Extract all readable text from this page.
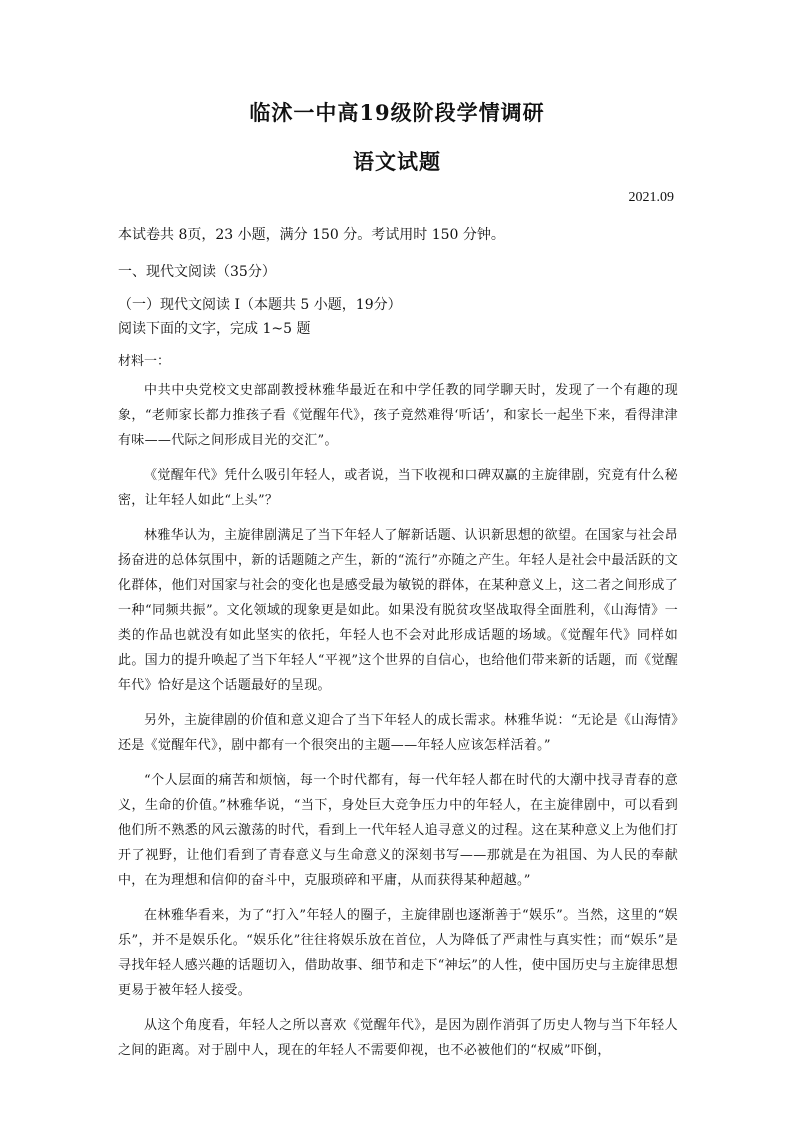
临沭一中高19级阶段学情调研
语文试题
2021.09
本试卷共 8页，23 小题，满分 150 分。考试用时 150 分钟。
一、现代文阅读（35分）
（一）现代文阅读 I（本题共 5 小题，19分）
阅读下面的文字，完成 1~5 题
材料一：

中共中央党校文史部副教授林雅华最近在和中学任教的同学聊天时，发现了一个有趣的现象，“老师家长都力推孩子看《觉醒年代》，孩子竟然难得‘听话’，和家长一起坐下来，看得津津有味——代际之间形成目光的交汇”。

《觉醒年代》凭什么吸引年轻人，或者说，当下收视和口碑双赢的主旋律剧，究竟有什么秘密，让年轻人如此“上头”？

林雅华认为，主旋律剧满足了当下年轻人了解新话题、认识新思想的欲望。在国家与社会昂扬奋进的总体氛围中，新的话题随之产生，新的“流行”亦随之产生。年轻人是社会中最活跃的文化群体，他们对国家与社会的变化也是感受最为敏锐的群体，在某种意义上，这二者之间形成了一种“同频共振”。文化领域的现象更是如此。如果没有脱贫攻坚战取得全面胜利，《山海情》一类的作品也就没有如此坚实的依托，年轻人也不会对此形成话题的场域。《觉醒年代》同样如此。国力的提升唤起了当下年轻人“平视”这个世界的自信心，也给他们带来新的话题，而《觉醒年代》恰好是这个话题最好的呈现。

另外，主旋律剧的价值和意义迎合了当下年轻人的成长需求。林雅华说：“无论是《山海情》还是《觉醒年代》，剧中都有一个很突出的主题——年轻人应该怎样活着。”

“个人层面的痛苦和烦恼，每一个时代都有，每一代年轻人都在时代的大潮中找寻青春的意义，生命的价值。”林雅华说，“当下，身处巨大竞争压力中的年轻人，在主旋律剧中，可以看到他们所不熟悉的风云激荡的时代，看到上一代年轻人追寻意义的过程。这在某种意义上为他们打开了视野，让他们看到了青春意义与生命意义的深刻书写——那就是在为祖国、为人民的奉献中，在为理想和信仰的奋斗中，克服琐碎和平庸，从而获得某种超越。”

在林雅华看来，为了“打入”年轻人的圈子，主旋律剧也逐渐善于“娱乐”。当然，这里的“娱乐”，并不是娱乐化。“娱乐化”往往将娱乐放在首位，人为降低了严肃性与真实性；而“娱乐”是寻找年轻人感兴趣的话题切入，借助故事、细节和走下“神坛”的人性，使中国历史与主旋律思想更易于被年轻人接受。

从这个角度看，年轻人之所以喜欢《觉醒年代》，是因为剧作消弭了历史人物与当下年轻人之间的距离。对于剧中人，现在的年轻人不需要仰视，也不必被他们的“权威”吓倒，
